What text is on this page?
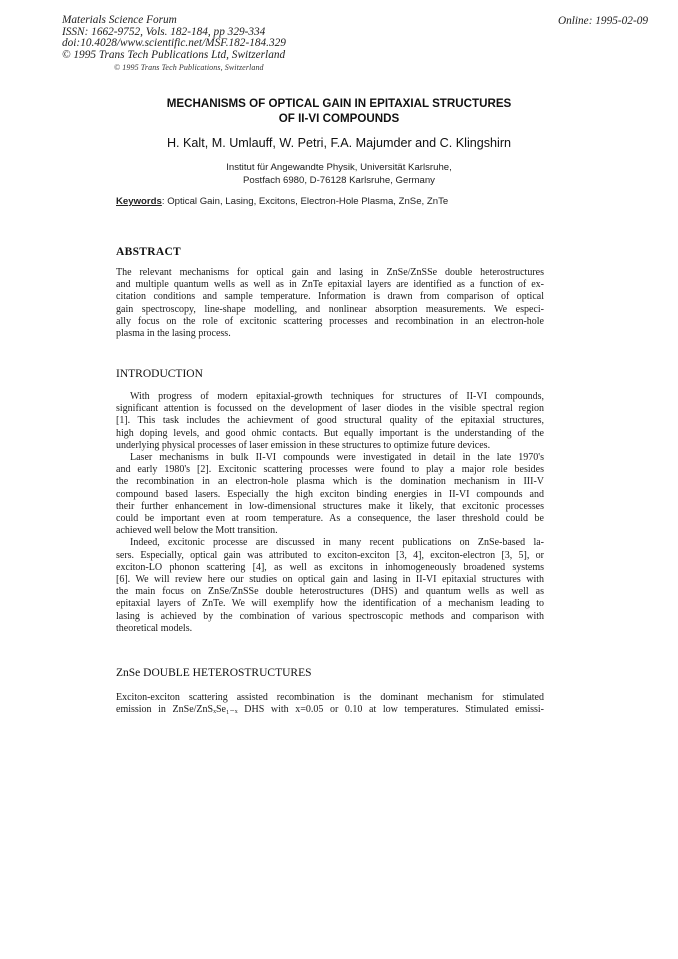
Materials Science Forum
ISSN: 1662-9752, Vols. 182-184, pp 329-334
doi:10.4028/www.scientific.net/MSF.182-184.329
© 1995 Trans Tech Publications Ltd, Switzerland
Online: 1995-02-09
© 1995 Trans Tech Publications, Switzerland
MECHANISMS OF OPTICAL GAIN IN EPITAXIAL STRUCTURES
OF II-VI COMPOUNDS
H. Kalt, M. Umlauff, W. Petri, F.A. Majumder and C. Klingshirn
Institut für Angewandte Physik, Universität Karlsruhe,
Postfach 6980, D-76128 Karlsruhe, Germany
Keywords: Optical Gain, Lasing, Excitons, Electron-Hole Plasma, ZnSe, ZnTe
ABSTRACT
The relevant mechanisms for optical gain and lasing in ZnSe/ZnSSe double heterostructures
and multiple quantum wells as well as in ZnTe epitaxial layers are identified as a function of ex-
citation conditions and sample temperature. Information is drawn from comparison of optical
gain spectroscopy, line-shape modelling, and nonlinear absorption measurements. We especi-
ally focus on the role of excitonic scattering processes and recombination in an electron-hole
plasma in the lasing process.
INTRODUCTION
With progress of modern epitaxial-growth techniques for structures of II-VI compounds,
significant attention is focussed on the development of laser diodes in the visible spectral region
[1]. This task includes the achievment of good structural quality of the epitaxial structures,
high doping levels, and good ohmic contacts. But equally important is the understanding of the
underlying physical processes of laser emission in these structures to optimize future devices.
Laser mechanisms in bulk II-VI compounds were investigated in detail in the late 1970's
and early 1980's [2]. Excitonic scattering processes were found to play a major role besides
the recombination in an electron-hole plasma which is the domination mechanism in III-V
compound based lasers. Especially the high exciton binding energies in II-VI compounds and
their further enhancement in low-dimensional structures make it likely, that excitonic processes
could be important even at room temperature. As a consequence, the laser threshold could be
achieved well below the Mott transition.
Indeed, excitonic processe are discussed in many recent publications on ZnSe-based la-
sers. Especially, optical gain was attributed to exciton-exciton [3, 4], exciton-electron [3, 5], or
exciton-LO phonon scattering [4], as well as excitons in inhomogeneously broadened systems
[6]. We will review here our studies on optical gain and lasing in II-VI epitaxial structures with
the main focus on ZnSe/ZnSSe double heterostructures (DHS) and quantum wells as well as
epitaxial layers of ZnTe. We will exemplify how the identification of a mechanism leading to
lasing is achieved by the combination of various spectroscopic methods and comparison with
theoretical models.
ZnSe DOUBLE HETEROSTRUCTURES
Exciton-exciton scattering assisted recombination is the dominant mechanism for stimulated
emission in ZnSe/ZnSₓSe₁₋ₓ DHS with x=0.05 or 0.10 at low temperatures. Stimulated emissi-
